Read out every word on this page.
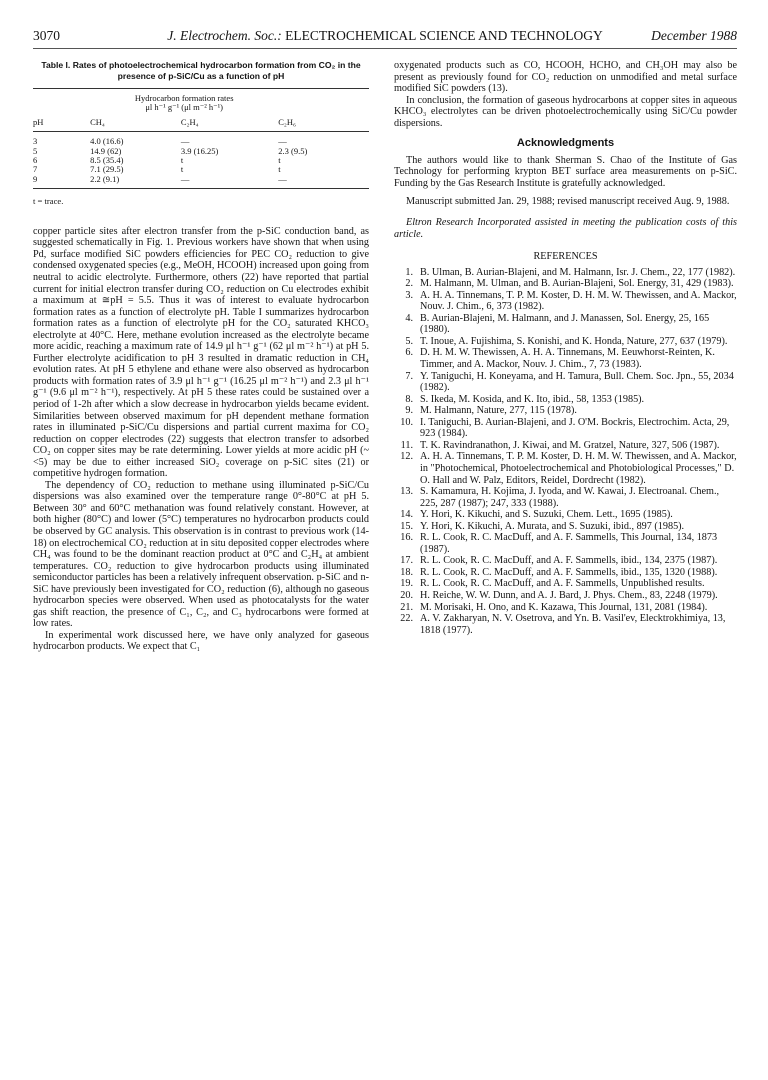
3070	J. Electrochem. Soc.: ELECTROCHEMICAL SCIENCE AND TECHNOLOGY	December 1988
Table I. Rates of photoelectrochemical hydrocarbon formation from CO₂ in the presence of p-SiC/Cu as a function of pH

	Hydrocarbon formation rates
μl h⁻¹ g⁻¹ (μl m⁻² h⁻¹)		

pH	CH₄	C₂H₄	C₂H₆

3	4.0 (16.6)	—	—
5	14.9 (62)	3.9 (16.25)	2.3 (9.5)
6	8.5 (35.4)	t	t
7	7.1 (29.5)	t	t
9	2.2 (9.1)	—	—

t = trace.

copper particle sites after electron transfer from the p-SiC conduction band, as suggested schematically in Fig. 1. Previous workers have shown that when using Pd, surface modified SiC powders efficiencies for PEC CO₂ reduction to give condensed oxygenated species (e.g., MeOH, HCOOH) increased upon going from neutral to acidic electrolyte. Furthermore, others (22) have reported that partial current for initial electron transfer during CO₂ reduction on Cu electrodes exhibit a maximum at ≅pH = 5.5. Thus it was of interest to evaluate hydrocarbon formation rates as a function of electrolyte pH. Table I summarizes hydrocarbon formation rates as a function of electrolyte pH for the CO₂ saturated KHCO₃ electrolyte at 40°C. Here, methane evolution increased as the electrolyte became more acidic, reaching a maximum rate of 14.9 μl h⁻¹ g⁻¹ (62 μl m⁻² h⁻¹) at pH 5. Further electrolyte acidification to pH 3 resulted in dramatic reduction in CH₄ evolution rates. At pH 5 ethylene and ethane were also observed as hydrocarbon products with formation rates of 3.9 μl h⁻¹ g⁻¹ (16.25 μl m⁻² h⁻¹) and 2.3 μl h⁻¹ g⁻¹ (9.6 μl m⁻² h⁻¹), respectively. At pH 5 these rates could be sustained over a period of 1-2h after which a slow decrease in hydrocarbon yields became evident. Similarities between observed maximum for pH dependent methane formation rates in illuminated p-SiC/Cu dispersions and partial current maxima for CO₂ reduction on copper electrodes (22) suggests that electron transfer to adsorbed CO₂ on copper sites may be rate determining. Lower yields at more acidic pH (~<5) may be due to either increased SiO₂ coverage on p-SiC sites (21) or competitive hydrogen formation.

The dependency of CO₂ reduction to methane using illuminated p-SiC/Cu dispersions was also examined over the temperature range 0°-80°C at pH 5. Between 30° and 60°C methanation was found relatively constant. However, at both higher (80°C) and lower (5°C) temperatures no hydrocarbon products could be observed by GC analysis. This observation is in contrast to previous work (14-18) on electrochemical CO₂ reduction at in situ deposited copper electrodes where CH₄ was found to be the dominant reaction product at 0°C and C₂H₄ at ambient temperatures. CO₂ reduction to give hydrocarbon products using illuminated semiconductor particles has been a relatively infrequent observation. p-SiC and n-SiC have previously been investigated for CO₂ reduction (6), although no gaseous hydrocarbon species were observed. When used as photocatalysts for the water gas shift reaction, the presence of C₁, C₂, and C₃ hydrocarbons were formed at low rates.

In experimental work discussed here, we have only analyzed for gaseous hydrocarbon products. We expect that C₁

oxygenated products such as CO, HCOOH, HCHO, and CH₃OH may also be present as previously found for CO₂ reduction on unmodified and metal surface modified SiC powders (13).

In conclusion, the formation of gaseous hydrocarbons at copper sites in aqueous KHCO₃ electrolytes can be driven photoelectrochemically using SiC/Cu powder dispersions.

Acknowledgments

The authors would like to thank Sherman S. Chao of the Institute of Gas Technology for performing krypton BET surface area measurements on p-SiC. Funding by the Gas Research Institute is gratefully acknowledged.

Manuscript submitted Jan. 29, 1988; revised manuscript received Aug. 9, 1988.

Eltron Research Incorporated assisted in meeting the publication costs of this article.

REFERENCES
1. B. Ulman, B. Aurian-Blajeni, and M. Halmann, Isr. J. Chem., 22, 177 (1982).
2. M. Halmann, M. Ulman, and B. Aurian-Blajeni, Sol. Energy, 31, 429 (1983).
3. A. H. A. Tinnemans, T. P. M. Koster, D. H. M. W. Thewissen, and A. Mackor, Nouv. J. Chim., 6, 373 (1982).
4. B. Aurian-Blajeni, M. Halmann, and J. Manassen, Sol. Energy, 25, 165 (1980).
5. T. Inoue, A. Fujishima, S. Konishi, and K. Honda, Nature, 277, 637 (1979).
6. D. H. M. W. Thewissen, A. H. A. Tinnemans, M. Eeuwhorst-Reinten, K. Timmer, and A. Mackor, Nouv. J. Chim., 7, 73 (1983).
7. Y. Taniguchi, H. Koneyama, and H. Tamura, Bull. Chem. Soc. Jpn., 55, 2034 (1982).
8. S. Ikeda, M. Kosida, and K. Ito, ibid., 58, 1353 (1985).
9. M. Halmann, Nature, 277, 115 (1978).
10. I. Taniguchi, B. Aurian-Blajeni, and J. O'M. Bockris, Electrochim. Acta, 29, 923 (1984).
11. T. K. Ravindranathon, J. Kiwai, and M. Gratzel, Nature, 327, 506 (1987).
12. A. H. A. Tinnemans, T. P. M. Koster, D. H. M. W. Thewissen, and A. Mackor, in "Photochemical, Photoelectrochemical and Photobiological Processes," D. O. Hall and W. Palz, Editors, Reidel, Dordrecht (1982).
13. S. Kamamura, H. Kojima, J. Iyoda, and W. Kawai, J. Electroanal. Chem., 225, 287 (1987); 247, 333 (1988).
14. Y. Hori, K. Kikuchi, and S. Suzuki, Chem. Lett., 1695 (1985).
15. Y. Hori, K. Kikuchi, A. Murata, and S. Suzuki, ibid., 897 (1985).
16. R. L. Cook, R. C. MacDuff, and A. F. Sammells, This Journal, 134, 1873 (1987).
17. R. L. Cook, R. C. MacDuff, and A. F. Sammells, ibid., 134, 2375 (1987).
18. R. L. Cook, R. C. MacDuff, and A. F. Sammells, ibid., 135, 1320 (1988).
19. R. L. Cook, R. C. MacDuff, and A. F. Sammells, Unpublished results.
20. H. Reiche, W. W. Dunn, and A. J. Bard, J. Phys. Chem., 83, 2248 (1979).
21. M. Morisaki, H. Ono, and K. Kazawa, This Journal, 131, 2081 (1984).
22. A. V. Zakharyan, N. V. Osetrova, and Yn. B. Vasil'ev, Elecktrokhimiya, 13, 1818 (1977).
